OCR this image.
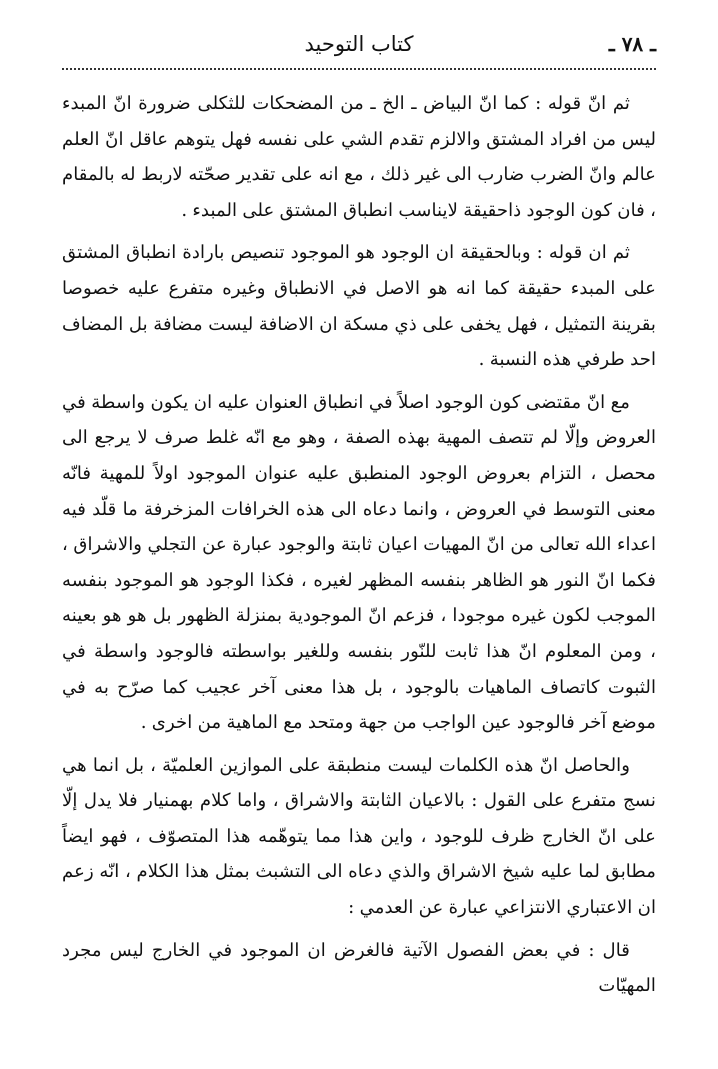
ـ ٧٨ ـ
كتاب التوحيد

ثم انّ قوله : كما انّ البياض ـ الخ ـ من المضحكات للثكلى ضرورة انّ المبدء ليس من افراد المشتق والالزم تقدم الشي على نفسه فهل يتوهم عاقل انّ العلم عالم وانّ الضرب ضارب الى غير ذلك ، مع انه على تقدير صحّته لاربط له بالمقام ، فان كون الوجود ذاحقيقة لايناسب انطباق المشتق على المبدء .

ثم ان قوله : وبالحقيقة ان الوجود هو الموجود تنصيص بارادة انطباق المشتق على المبدء حقيقة كما انه هو الاصل في الانطباق وغيره متفرع عليه خصوصا بقرينة التمثيل ، فهل يخفى على ذي مسكة ان الاضافة ليست مضافة بل المضاف احد طرفي هذه النسبة .

مع انّ مقتضى كون الوجود اصلاً في انطباق العنوان عليه ان يكون واسطة في العروض وإلّا لم تتصف المهية بهذه الصفة ، وهو مع انّه غلط صرف لا يرجع الى محصل ، التزام بعروض الوجود المنطبق عليه عنوان الموجود اولاً للمهية فانّه معنى التوسط في العروض ، وانما دعاه الى هذه الخرافات المزخرفة ما قلّد فيه اعداء الله تعالى من انّ المهيات اعيان ثابتة والوجود عبارة عن التجلي والاشراق ، فكما انّ النور هو الظاهر بنفسه المظهر لغيره ، فكذا الوجود هو الموجود بنفسه الموجب لكون غيره موجودا ، فزعم انّ الموجودية بمنزلة الظهور بل هو هو بعينه ، ومن المعلوم انّ هذا ثابت للنّور بنفسه وللغير بواسطته فالوجود واسطة في الثبوت كاتصاف الماهيات بالوجود ، بل هذا معنى آخر عجيب كما صرّح به في موضع آخر فالوجود عين الواجب من جهة ومتحد مع الماهية من اخرى .

والحاصل انّ هذه الكلمات ليست منطبقة على الموازين العلميّة ، بل انما هي نسج متفرع على القول : بالاعيان الثابتة والاشراق ، واما كلام بهمنيار فلا يدل إلّا على انّ الخارج ظرف للوجود ، واين هذا مما يتوهّمه هذا المتصوّف ، فهو ايضاً مطابق لما عليه شيخ الاشراق والذي دعاه الى التشبث بمثل هذا الكلام ، انّه زعم ان الاعتباري الانتزاعي عبارة عن العدمي :

قال : في بعض الفصول الآتية فالغرض ان الموجود في الخارج ليس مجرد المهيّات
